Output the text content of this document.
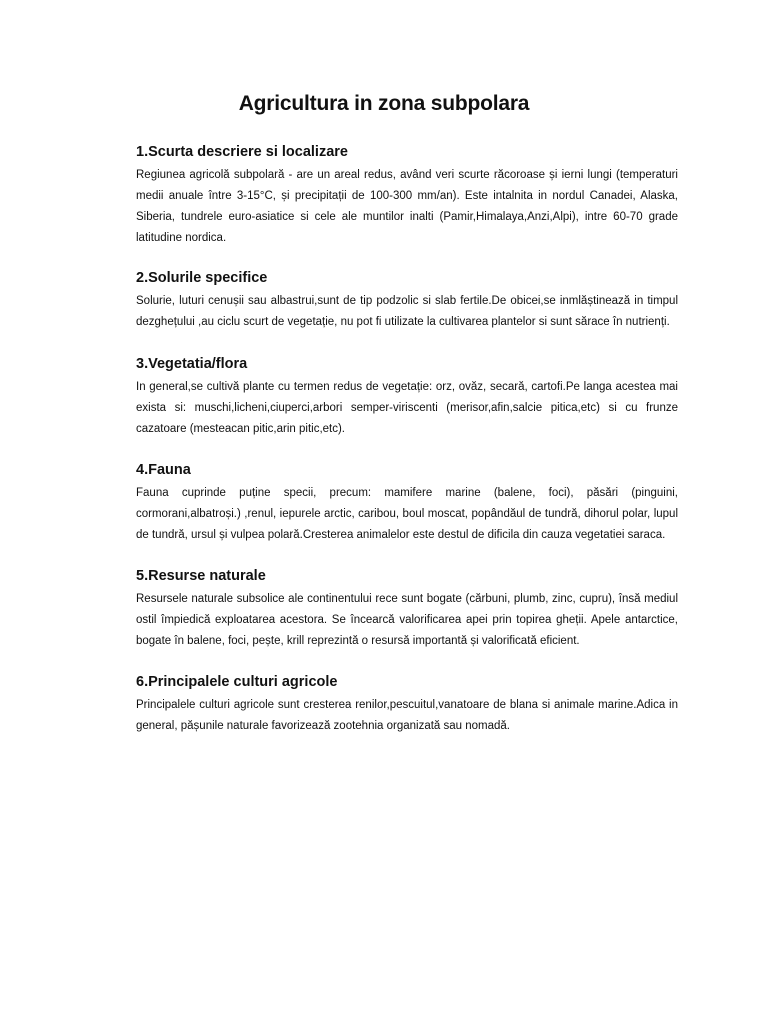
Agricultura in zona subpolara
1.Scurta descriere si localizare

Regiunea agricolă subpolară - are un areal redus, având veri scurte răcoroase și ierni lungi (temperaturi medii anuale între 3-15°C, și precipitații de 100-300 mm/an). Este intalnita in nordul Canadei, Alaska, Siberia, tundrele euro-asiatice si cele ale muntilor inalti (Pamir,Himalaya,Anzi,Alpi), intre 60-70 grade latitudine nordica.

2.Solurile specifice

Solurie, luturi cenușii sau albastrui,sunt de tip podzolic si slab fertile.De obicei,se inmlăștinează in timpul dezghețului ,au ciclu scurt de vegetație, nu pot fi utilizate la cultivarea plantelor si sunt sărace în nutrienți.

3.Vegetatia/flora

In general,se cultivă plante cu termen redus de vegetație: orz, ovăz, secară, cartofi.Pe langa acestea mai exista si: muschi,licheni,ciuperci,arbori semper-viriscenti (merisor,afin,salcie pitica,etc) si cu frunze cazatoare (mesteacan pitic,arin pitic,etc).

4.Fauna

Fauna cuprinde puține specii, precum: mamifere marine (balene, foci), păsări (pinguini, cormorani,albatroși.) ,renul, iepurele arctic, caribou, boul moscat, popândăul de tundră, dihorul polar, lupul de tundră, ursul și vulpea polară.Cresterea animalelor este destul de dificila din cauza vegetatiei saraca.

5.Resurse naturale

Resursele naturale subsolice ale continentului rece sunt bogate (cărbuni, plumb, zinc, cupru), însă mediul ostil împiedică exploatarea acestora. Se încearcă valorificarea apei prin topirea gheții. Apele antarctice, bogate în balene, foci, pește, krill reprezintă o resursă importantă și valorificată eficient.

6.Principalele culturi agricole

Principalele culturi agricole sunt cresterea renilor,pescuitul,vanatoare de blana si animale marine.Adica in general, pășunile naturale favorizează zootehnia organizată sau nomadă.
